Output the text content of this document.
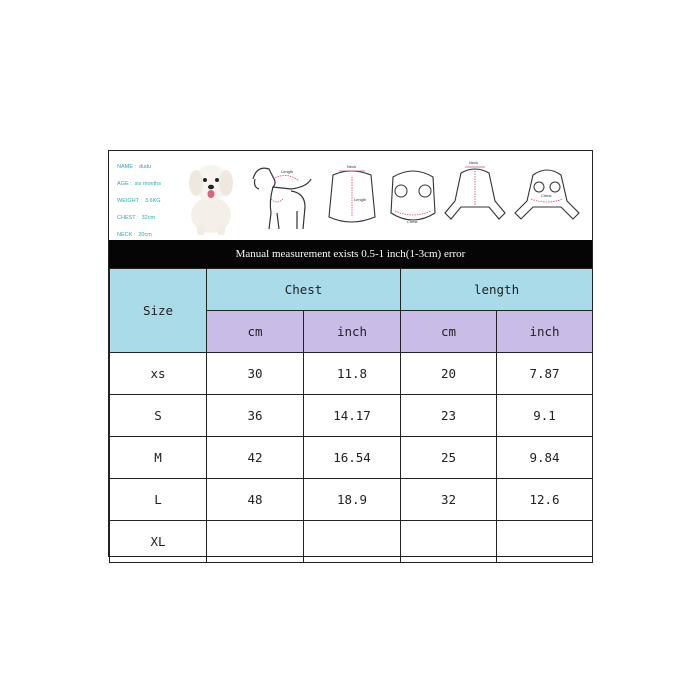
NAME : dudu
AGE : six months
WEIGHT : 3.6KG
CHEST : 32cm
NECK : 20cm
Length
Neck
Length
Chest
Neck
Chest
Manual measurement exists 0.5-1 inch(1-3cm) error
Size	Chest		length	
	cm	inch	cm	inch
xs	30	11.8	20	7.87
S	36	14.17	23	9.1
M	42	16.54	25	9.84
L	48	18.9	32	12.6
XL				
